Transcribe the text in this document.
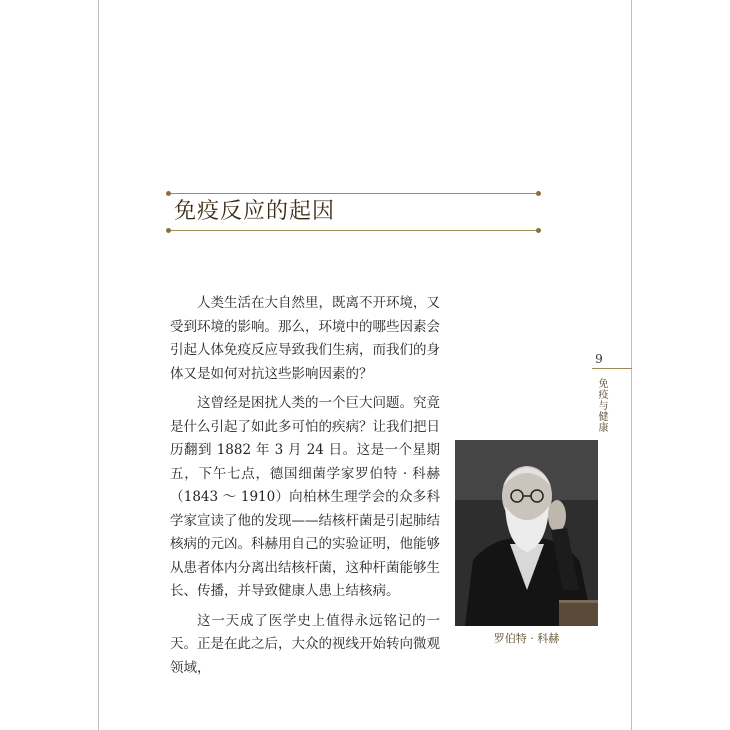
免疫反应的起因

人类生活在大自然里，既离不开环境，又受到环境的影响。那么，环境中的哪些因素会引起人体免疫反应导致我们生病，而我们的身体又是如何对抗这些影响因素的？

这曾经是困扰人类的一个巨大问题。究竟是什么引起了如此多可怕的疾病？让我们把日历翻到 1882 年 3 月 24 日。这是一个星期五，下午七点，德国细菌学家罗伯特 · 科赫（1843 ～ 1910）向柏林生理学会的众多科学家宣读了他的发现——结核杆菌是引起肺结核病的元凶。科赫用自己的实验证明，他能够从患者体内分离出结核杆菌，这种杆菌能够生长、传播，并导致健康人患上结核病。

这一天成了医学史上值得永远铭记的一天。正是在此之后，大众的视线开始转向微观领域，

9
免疫与健康
罗伯特 · 科赫
